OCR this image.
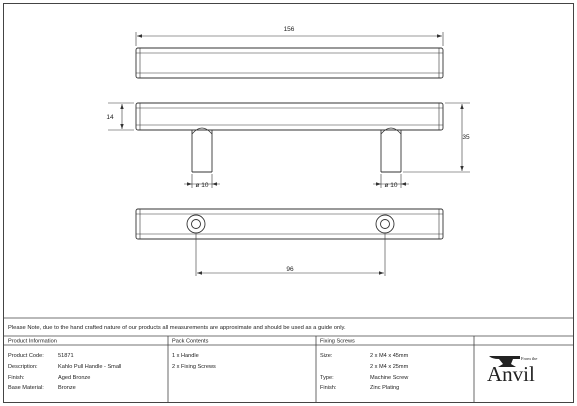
156
14
35
ø 10	ø 10
96
Please Note, due to the hand crafted nature of our products all measurements are approximate and should be used as a guide only.
Product Information
Product Code:	51871
Description:	Kahlo Pull Handle - Small
Finish:	Aged Bronze
Base Material:	Bronze
Pack Contents
1 x Handle
2 x Fixing Screws
Fixing Screws
Size:	2 x M4 x 45mm
2 x M4 x 25mm
Type:	Machine Screw
Finish:	Zinc Plating
From the
Anvil
